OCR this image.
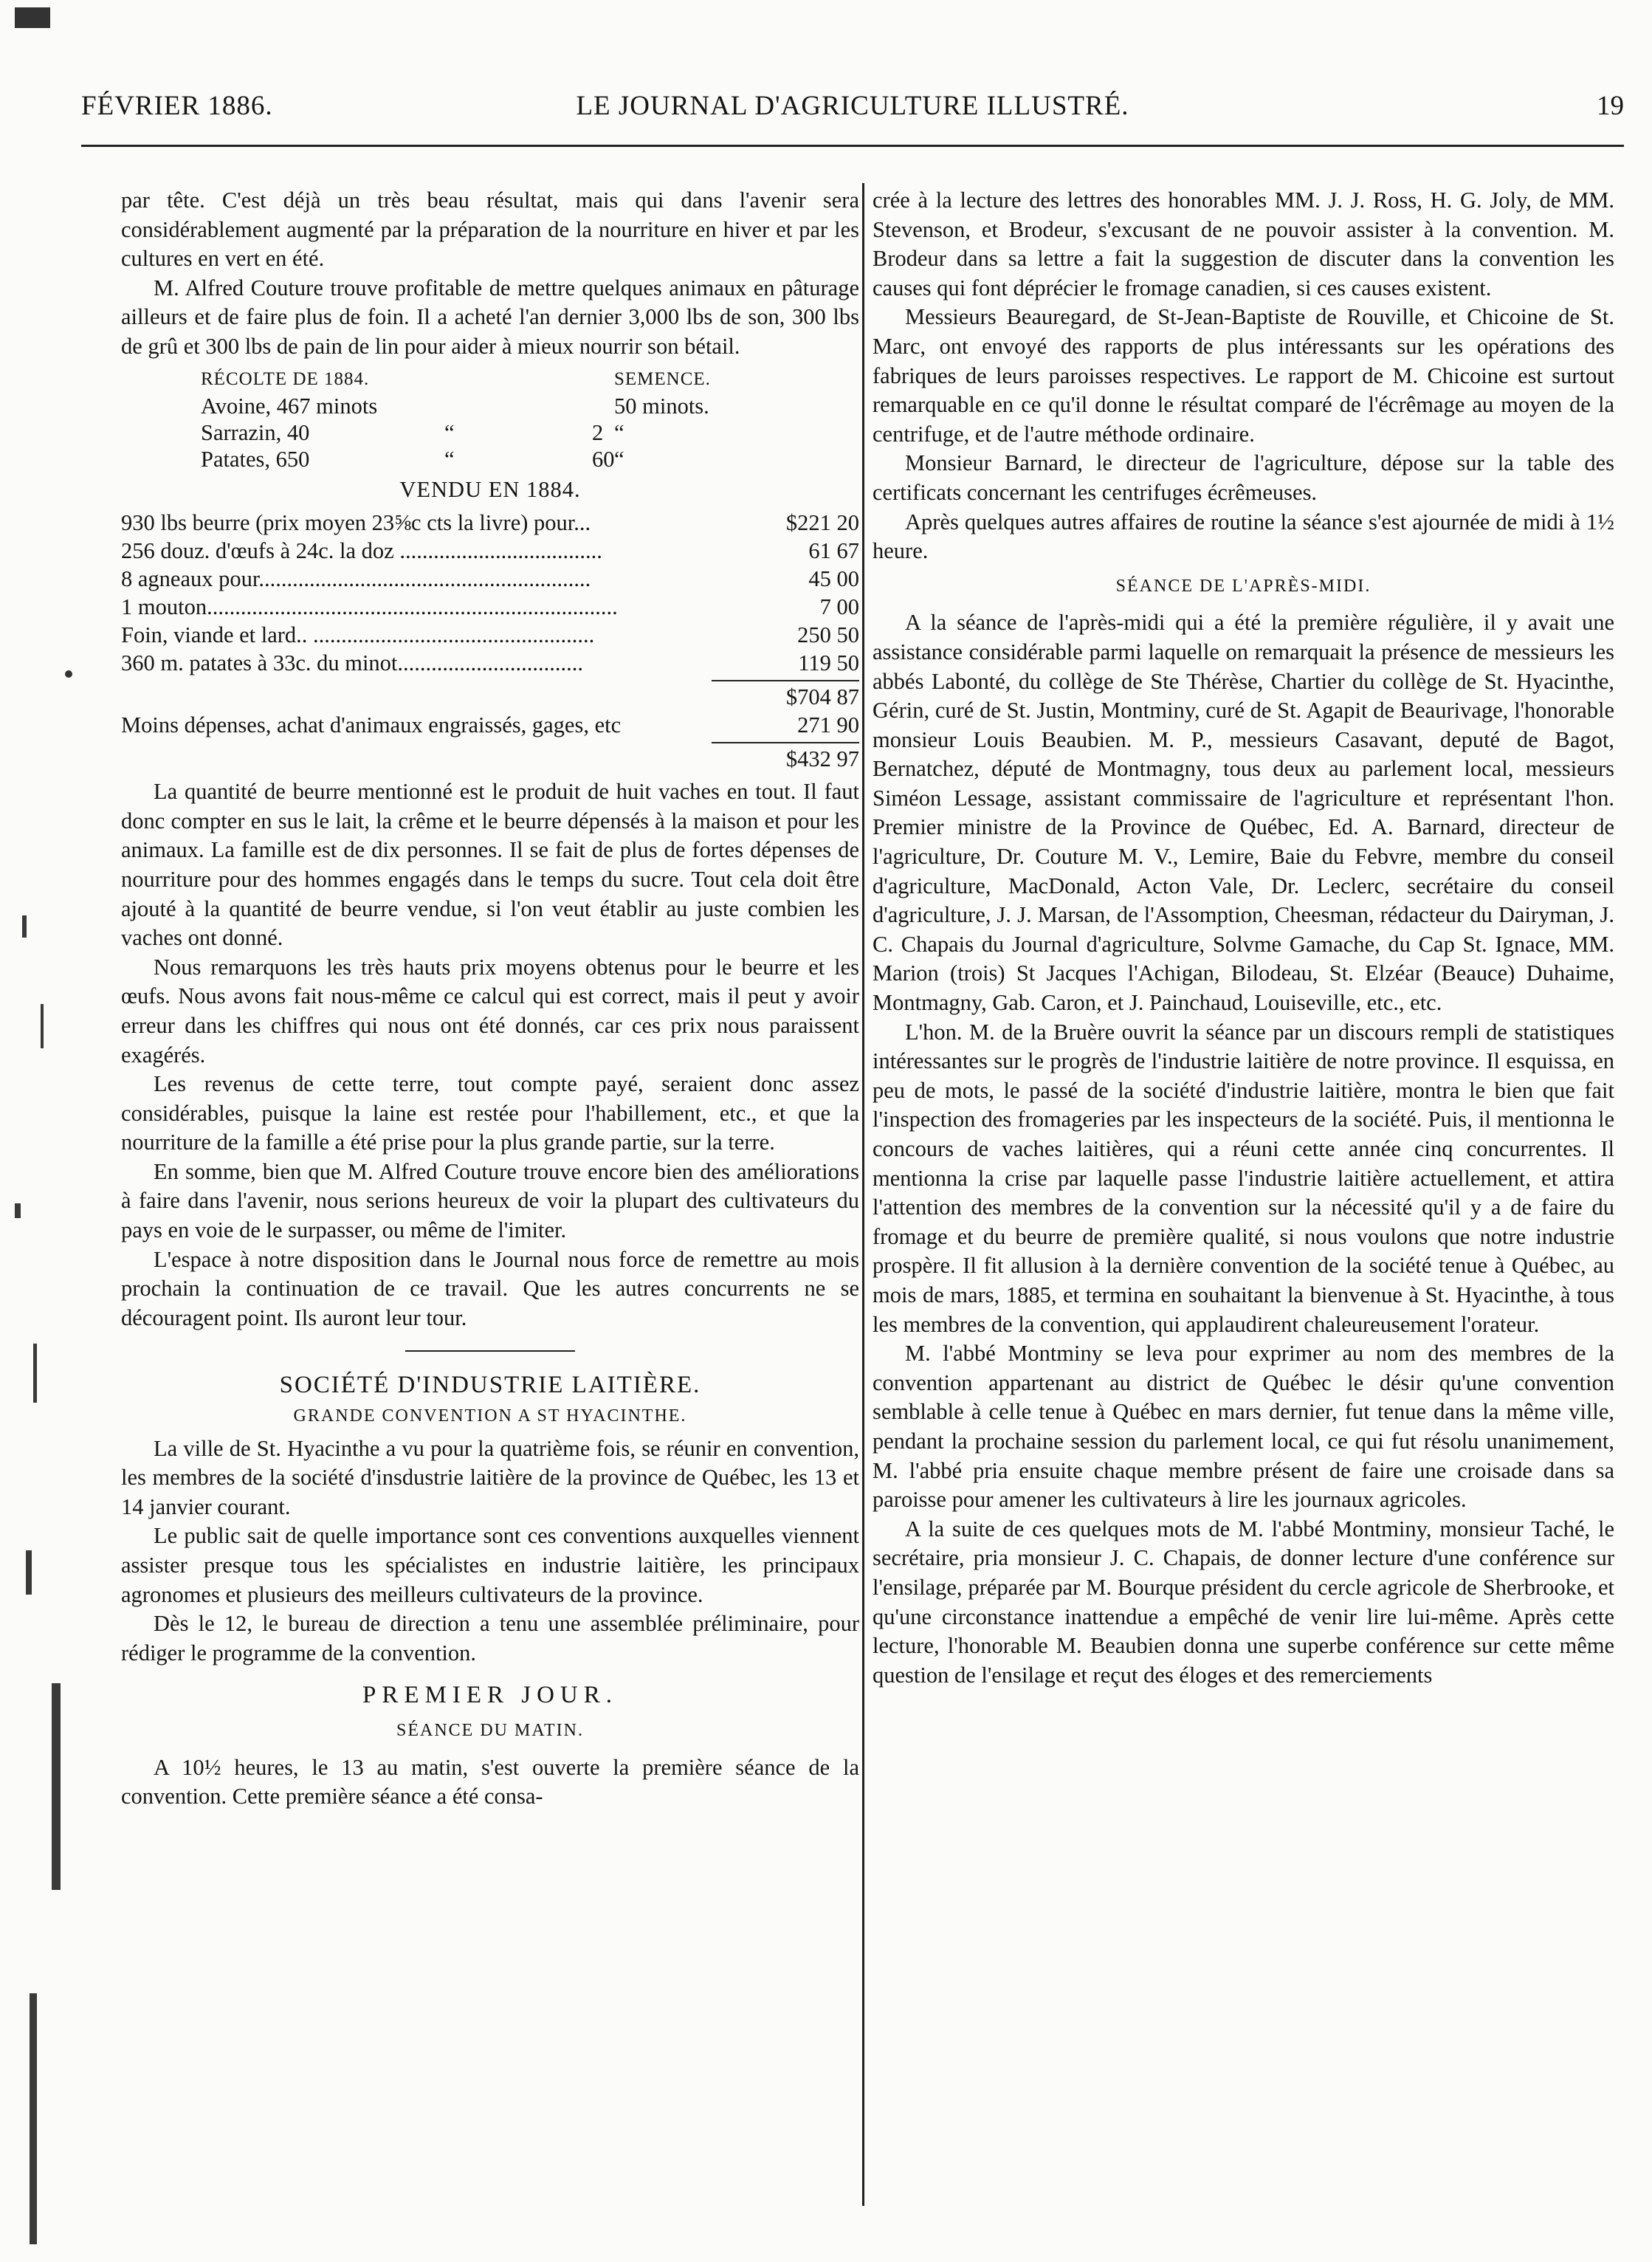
FÉVRIER 1886.	LE JOURNAL D'AGRICULTURE ILLUSTRÉ.	19

par tête. C'est déjà un très beau résultat, mais qui dans l'avenir sera considérablement augmenté par la préparation de la nourriture en hiver et par les cultures en vert en été.

M. Alfred Couture trouve profitable de mettre quelques animaux en pâturage ailleurs et de faire plus de foin. Il a acheté l'an dernier 3,000 lbs de son, 300 lbs de grû et 300 lbs de pain de lin pour aider à mieux nourrir son bétail.

RÉCOLTE DE 1884.	SEMENCE.
Avoine, 467 minots	50 minots.
Sarrazin, 40	“	2 “
Patates, 650	“	60 “
VENDU EN 1884.
930 lbs beurre (prix moyen 23⅝c cts la livre) pour...	$221 20
256 douz. d'œufs à 24c. la doz ....................................	61 67
8 agneaux pour...........................................................	45 00
1 mouton.........................................................................	7 00
Foin, viande et lard.. ..................................................	250 50
360 m. patates à 33c. du minot.................................	119 50
$704 87
Moins dépenses, achat d'animaux engraissés, gages, etc	271 90
$432 97

La quantité de beurre mentionné est le produit de huit vaches en tout. Il faut donc compter en sus le lait, la crême et le beurre dépensés à la maison et pour les animaux. La famille est de dix personnes. Il se fait de plus de fortes dépenses de nourriture pour des hommes engagés dans le temps du sucre. Tout cela doit être ajouté à la quantité de beurre vendue, si l'on veut établir au juste combien les vaches ont donné.

Nous remarquons les très hauts prix moyens obtenus pour le beurre et les œufs. Nous avons fait nous-même ce calcul qui est correct, mais il peut y avoir erreur dans les chiffres qui nous ont été donnés, car ces prix nous paraissent exagérés.

Les revenus de cette terre, tout compte payé, seraient donc assez considérables, puisque la laine est restée pour l'habillement, etc., et que la nourriture de la famille a été prise pour la plus grande partie, sur la terre.

En somme, bien que M. Alfred Couture trouve encore bien des améliorations à faire dans l'avenir, nous serions heureux de voir la plupart des cultivateurs du pays en voie de le surpasser, ou même de l'imiter.

L'espace à notre disposition dans le Journal nous force de remettre au mois prochain la continuation de ce travail. Que les autres concurrents ne se découragent point. Ils auront leur tour.

SOCIÉTÉ D'INDUSTRIE LAITIÈRE.
GRANDE CONVENTION A ST HYACINTHE.

La ville de St. Hyacinthe a vu pour la quatrième fois, se réunir en convention, les membres de la société d'insdustrie laitière de la province de Québec, les 13 et 14 janvier courant.

Le public sait de quelle importance sont ces conventions auxquelles viennent assister presque tous les spécialistes en industrie laitière, les principaux agronomes et plusieurs des meilleurs cultivateurs de la province.

Dès le 12, le bureau de direction a tenu une assemblée préliminaire, pour rédiger le programme de la convention.

PREMIER JOUR.
SÉANCE DU MATIN.

A 10½ heures, le 13 au matin, s'est ouverte la première séance de la convention. Cette première séance a été consa-

crée à la lecture des lettres des honorables MM. J. J. Ross, H. G. Joly, de MM. Stevenson, et Brodeur, s'excusant de ne pouvoir assister à la convention. M. Brodeur dans sa lettre a fait la suggestion de discuter dans la convention les causes qui font déprécier le fromage canadien, si ces causes existent.

Messieurs Beauregard, de St-Jean-Baptiste de Rouville, et Chicoine de St. Marc, ont envoyé des rapports de plus intéressants sur les opérations des fabriques de leurs paroisses respectives. Le rapport de M. Chicoine est surtout remarquable en ce qu'il donne le résultat comparé de l'écrêmage au moyen de la centrifuge, et de l'autre méthode ordinaire.

Monsieur Barnard, le directeur de l'agriculture, dépose sur la table des certificats concernant les centrifuges écrêmeuses.

Après quelques autres affaires de routine la séance s'est ajournée de midi à 1½ heure.

SÉANCE DE L'APRÈS-MIDI.

A la séance de l'après-midi qui a été la première régulière, il y avait une assistance considérable parmi laquelle on remarquait la présence de messieurs les abbés Labonté, du collège de Ste Thérèse, Chartier du collège de St. Hyacinthe, Gérin, curé de St. Justin, Montminy, curé de St. Agapit de Beaurivage, l'honorable monsieur Louis Beaubien. M. P., messieurs Casavant, deputé de Bagot, Bernatchez, député de Montmagny, tous deux au parlement local, messieurs Siméon Lessage, assistant commissaire de l'agriculture et représentant l'hon. Premier ministre de la Province de Québec, Ed. A. Barnard, directeur de l'agriculture, Dr. Couture M. V., Lemire, Baie du Febvre, membre du conseil d'agriculture, MacDonald, Acton Vale, Dr. Leclerc, secrétaire du conseil d'agriculture, J. J. Marsan, de l'Assomption, Cheesman, rédacteur du Dairyman, J. C. Chapais du Journal d'agriculture, Solvme Gamache, du Cap St. Ignace, MM. Marion (trois) St Jacques l'Achigan, Bilodeau, St. Elzéar (Beauce) Duhaime, Montmagny, Gab. Caron, et J. Painchaud, Louiseville, etc., etc.

L'hon. M. de la Bruère ouvrit la séance par un discours rempli de statistiques intéressantes sur le progrès de l'industrie laitière de notre province. Il esquissa, en peu de mots, le passé de la société d'industrie laitière, montra le bien que fait l'inspection des fromageries par les inspecteurs de la société. Puis, il mentionna le concours de vaches laitières, qui a réuni cette année cinq concurrentes. Il mentionna la crise par laquelle passe l'industrie laitière actuellement, et attira l'attention des membres de la convention sur la nécessité qu'il y a de faire du fromage et du beurre de première qualité, si nous voulons que notre industrie prospère. Il fit allusion à la dernière convention de la société tenue à Québec, au mois de mars, 1885, et termina en souhaitant la bienvenue à St. Hyacinthe, à tous les membres de la convention, qui applaudirent chaleureusement l'orateur.

M. l'abbé Montminy se leva pour exprimer au nom des membres de la convention appartenant au district de Québec le désir qu'une convention semblable à celle tenue à Québec en mars dernier, fut tenue dans la même ville, pendant la prochaine session du parlement local, ce qui fut résolu unanimement, M. l'abbé pria ensuite chaque membre présent de faire une croisade dans sa paroisse pour amener les cultivateurs à lire les journaux agricoles.

A la suite de ces quelques mots de M. l'abbé Montminy, monsieur Taché, le secrétaire, pria monsieur J. C. Chapais, de donner lecture d'une conférence sur l'ensilage, préparée par M. Bourque président du cercle agricole de Sherbrooke, et qu'une circonstance inattendue a empêché de venir lire lui-même. Après cette lecture, l'honorable M. Beaubien donna une superbe conférence sur cette même question de l'ensilage et reçut des éloges et des remerciements
